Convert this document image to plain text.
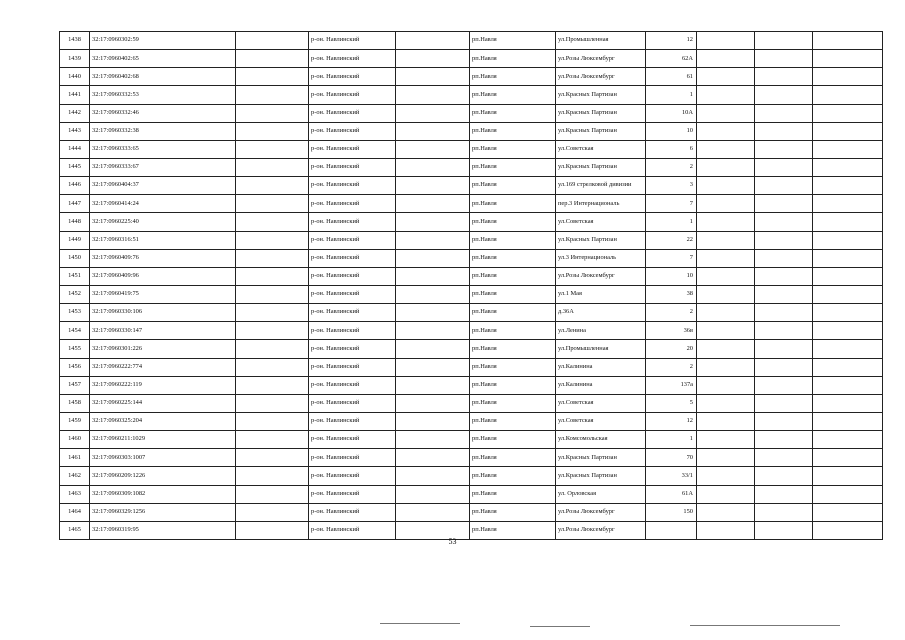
1438	32:17:0960302:59		р-он. Навлинский		рп.Навля	ул.Промышленная	12			
1439	32:17:0960402:65		р-он. Навлинский		рп.Навля	ул.Розы Люксембург	62А			
1440	32:17:0960402:68		р-он. Навлинский		рп.Навля	ул.Розы Люксембург	61			
1441	32:17:0960332:53		р-он. Навлинский		рп.Навля	ул.Красных Партизан	1			
1442	32:17:0960332:46		р-он. Навлинский		рп.Навля	ул.Красных Партизан	10А			
1443	32:17:0960332:38		р-он. Навлинский		рп.Навля	ул.Красных Партизан	10			
1444	32:17:0960333:65		р-он. Навлинский		рп.Навля	ул.Советская	6			
1445	32:17:0960333:67		р-он. Навлинский		рп.Навля	ул.Красных Партизан	2			
1446	32:17:0960404:37		р-он. Навлинский		рп.Навля	ул.169 стрелковой дивизии	3			
1447	32:17:0960414:24		р-он. Навлинский		рп.Навля	пер.3 Интернациональ	7			
1448	32:17:0960225:40		р-он. Навлинский		рп.Навля	ул.Советская	1			
1449	32:17:0960316:51		р-он. Навлинский		рп.Навля	ул.Красных Партизан	22			
1450	32:17:0960409:76		р-он. Навлинский		рп.Навля	ул.3 Интернациональ	7			
1451	32:17:0960409:96		р-он. Навлинский		рп.Навля	ул.Розы Люксембург	10			
1452	32:17:0960419:75		р-он. Навлинский		рп.Навля	ул.1 Мая	38			
1453	32:17:0960330:106		р-он. Навлинский		рп.Навля	д.36А	2			
1454	32:17:0960330:147		р-он. Навлинский		рп.Навля	ул.Ленина	36в			
1455	32:17:0960301:226		р-он. Навлинский		рп.Навля	ул.Промышленная	20			
1456	32:17:0960222:774		р-он. Навлинский		рп.Навля	ул.Калинина	2			
1457	32:17:0960222:119		р-он. Навлинский		рп.Навля	ул.Калинина	137а			
1458	32:17:0960225:144		р-он. Навлинский		рп.Навля	ул.Советская	5			
1459	32:17:0960325:204		р-он. Навлинский		рп.Навля	ул.Советская	12			
1460	32:17:0960211:1029		р-он. Навлинский		рп.Навля	ул.Комсомольская	1			
1461	32:17:0960303:1007		р-он. Навлинский		рп.Навля	ул.Красных Партизан	70			
1462	32:17:0960209:1226		р-он. Навлинский		рп.Навля	ул.Красных Партизан	33/1			
1463	32:17:0960309:1082		р-он. Навлинский		рп.Навля	ул. Орловская	61А			
1464	32:17:0960329:1256		р-он. Навлинский		рп.Навля	ул.Розы Люксембург	150			
1465	32:17:0960319:95		р-он. Навлинский		рп.Навля	ул.Розы Люксембург				
53
